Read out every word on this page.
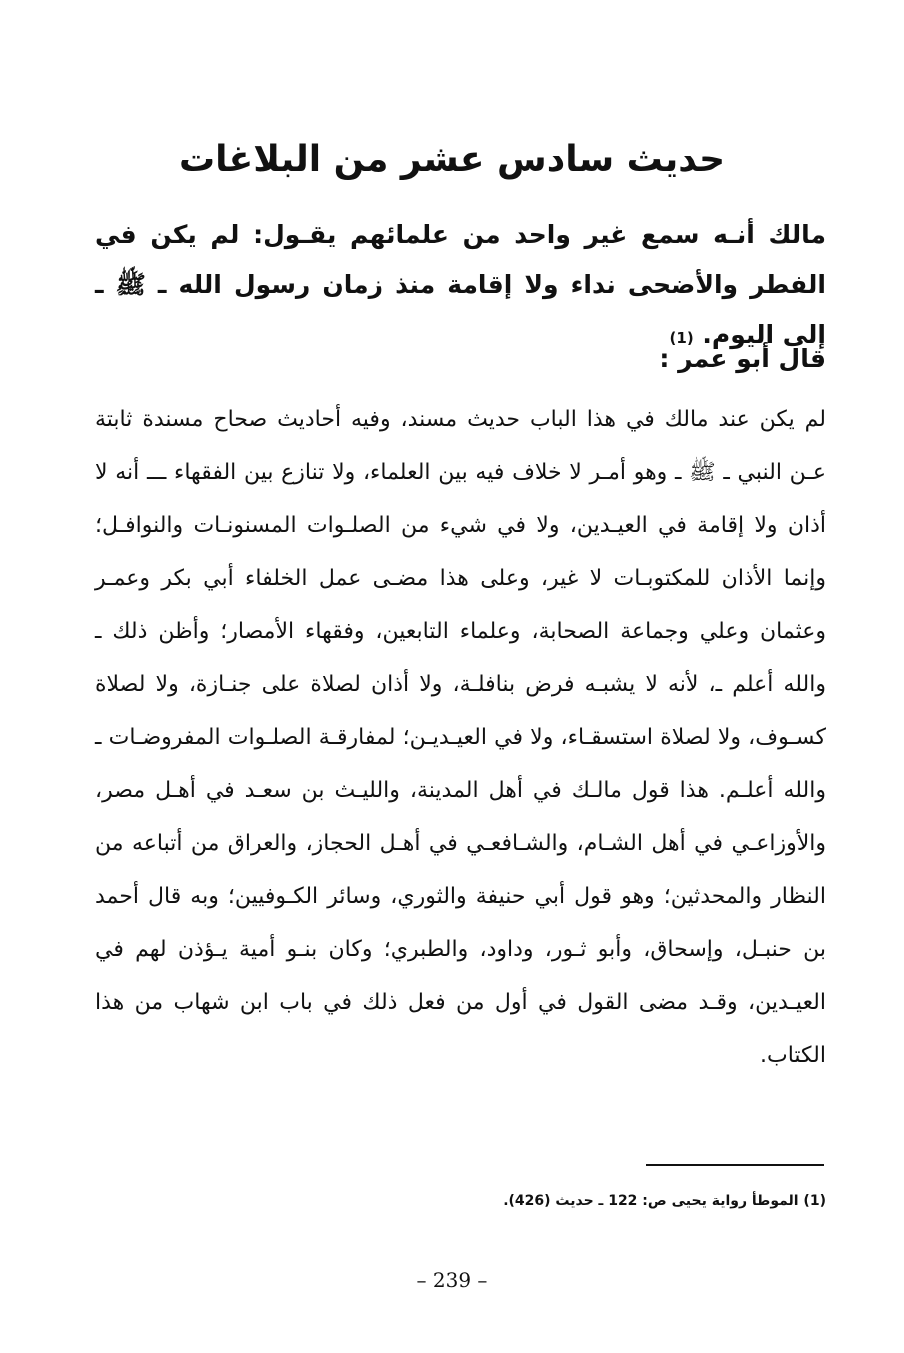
حديث سادس عشر من البلاغات
مالك أنـه سمع غير واحد من علمائهم يقـول: لم يكن في الفطر والأضحى نداء ولا إقامة منذ زمان رسول الله ـ ﷺ ـ إلى اليوم. (1)
قال أبو عمر :
لم يكن عند مالك في هذا الباب حديث مسند، وفيه أحاديث صحاح مسندة ثابتة عـن النبي ـ ﷺ ـ وهو أمـر لا خلاف فيه بين العلماء، ولا تنازع بين الفقهاء ـــ أنه لا أذان ولا إقامة في العيـدين، ولا في شيء من الصلـوات المسنونـات والنوافـل؛ وإنما الأذان للمكتوبـات لا غير، وعلى هذا مضـى عمل الخلفاء أبي بكر وعمـر وعثمان وعلي وجماعة الصحابة، وعلماء التابعين، وفقهاء الأمصار؛ وأظن ذلك ـ والله أعلم ـ، لأنه لا يشبـه فرض بنافلـة، ولا أذان لصلاة على جنـازة، ولا لصلاة كسـوف، ولا لصلاة استسقـاء، ولا في العيـديـن؛ لمفارقـة الصلـوات المفروضـات ـ والله أعلـم. هذا قول مالـك في أهل المدينة، والليـث بن سعـد في أهـل مصر، والأوزاعـي في أهل الشـام، والشـافعـي في أهـل الحجاز، والعراق من أتباعه من النظار والمحدثين؛ وهو قول أبي حنيفة والثوري، وسائر الكـوفيين؛ وبه قال أحمد بن حنبـل، وإسحاق، وأبو ثـور، وداود، والطبري؛ وكان بنـو أمية يـؤذن لهم في العيـدين، وقـد مضى القول في أول من فعل ذلك في باب ابن شهاب من هذا الكتاب.
(1) الموطأ رواية يحيى ص: 122 ـ حديث (426).
– 239 –
